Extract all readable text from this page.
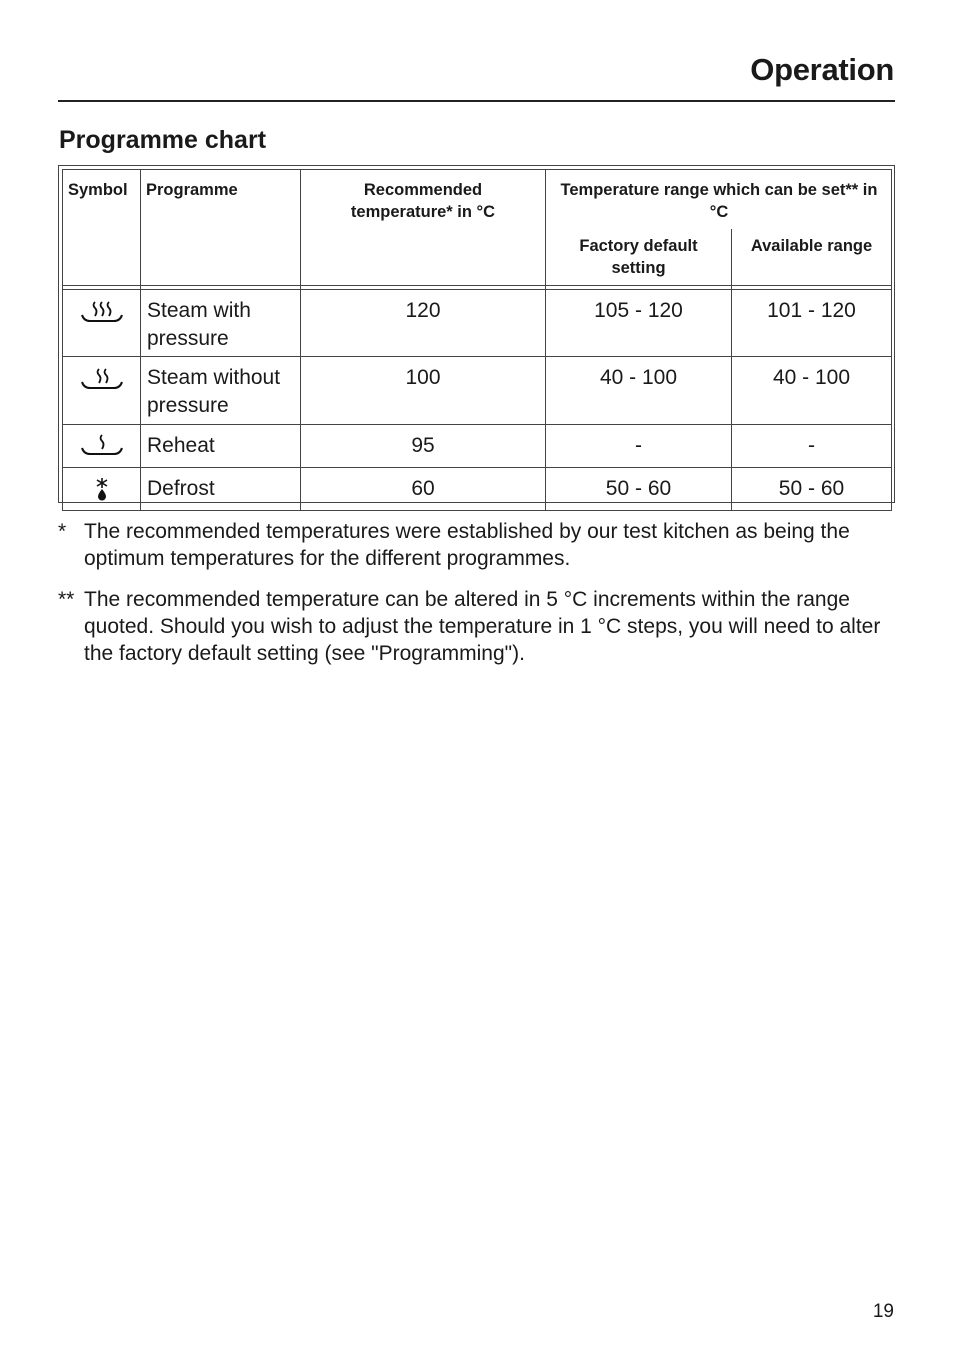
Operation
Programme chart
Symbol	Programme	Recommended temperature* in °C	Temperature range which can be set** in °C	

			Factory default setting	Available range

	Steam with pressure	120	105 - 120	101 - 120
	Steam without pressure	100	40 - 100	40 - 100
	Reheat	95	-	-
	Defrost	60	50 - 60	50 - 60
* The recommended temperatures were established by our test kitchen as being the optimum temperatures for the different programmes.
** The recommended temperature can be altered in 5 °C increments within the range quoted. Should you wish to adjust the temperature in 1 °C steps, you will need to alter the factory default setting (see "Programming").
19
